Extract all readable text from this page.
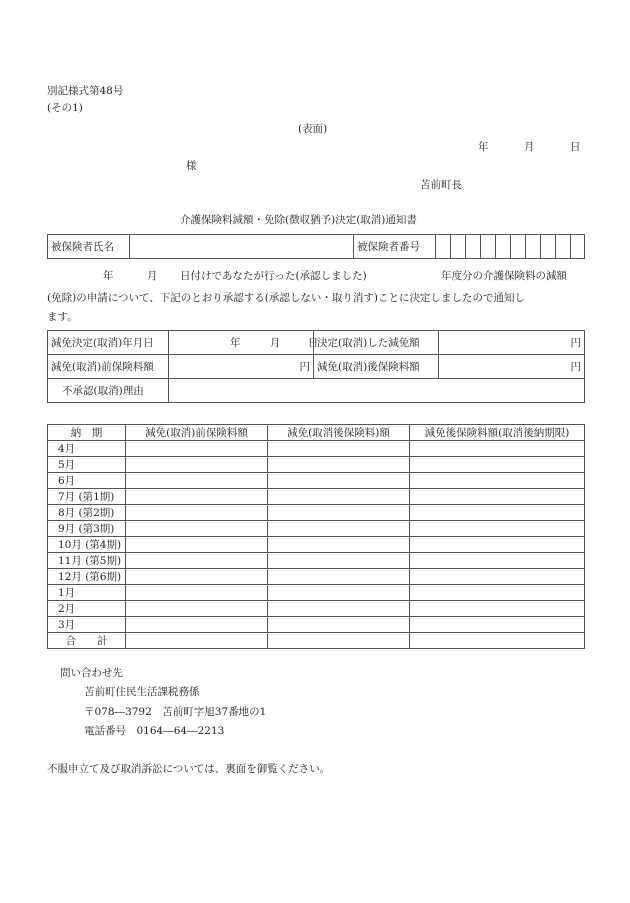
別記様式第48号
(その1)
(表面)
年	月	日
様
苫前町長
介護保険料減額・免除(徴収猶予)決定(取消)通知書
被保険者氏名		被保険者番号										
年	月 日付けであなたが行った(承認しました)	年度分の介護保険料の減額
(免除)の申請について、下記のとおり承認する(承認しない・取り消す)ことに決定しましたので通知し
ます。
減免決定(取消)年月日	年 月 日	決定(取消)した減免額	円
減免(取消)前保険料額	円	減免(取消)後保険料額	円
不承認(取消)理由			
納　期	減免(取消)前保険料額	減免(取消後保険料)額	減免後保険料額(取消後納期限)
4月			
5月			
6月			
7月 (第1期)			
8月 (第2期)			
9月 (第3期)			
10月 (第4期)			
11月 (第5期)			
12月 (第6期)			
1月			
2月			
3月			
合　　計			
問い合わせ先
苫前町住民生活課税務係
〒078―3792　苫前町字旭37番地の1
電話番号　0164―64―2213
不服申立て及び取消訴訟については、裏面を御覧ください。
